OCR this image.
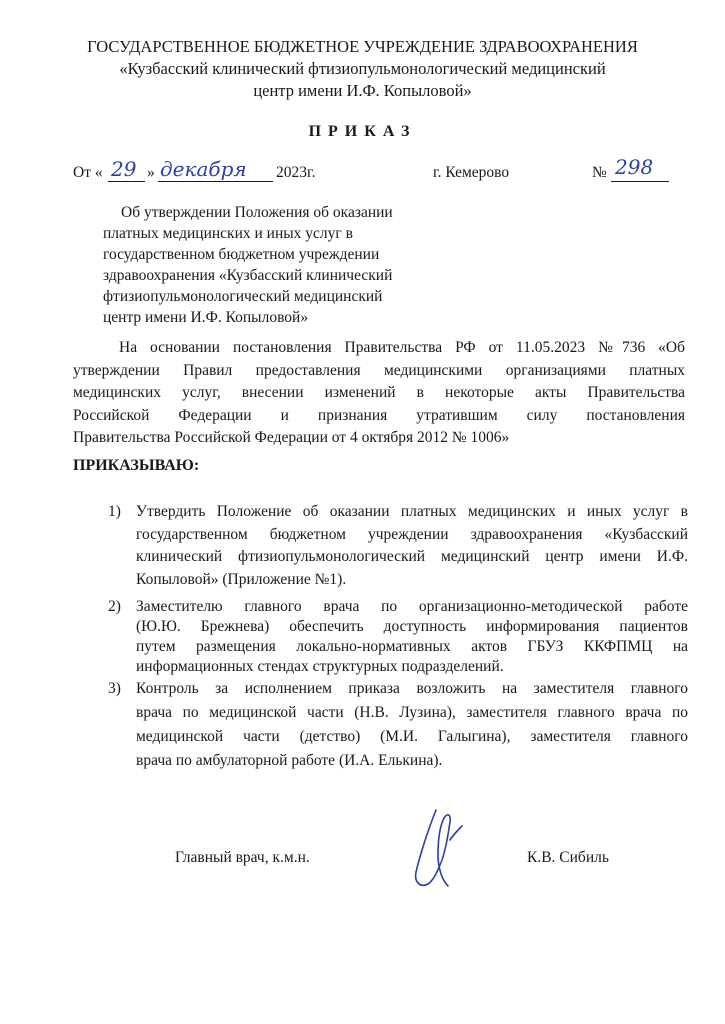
ГОСУДАРСТВЕННОЕ БЮДЖЕТНОЕ УЧРЕЖДЕНИЕ ЗДРАВООХРАНЕНИЯ
«Кузбасский клинический фтизиопульмонологический медицинский
центр имени И.Ф. Копыловой»
ПРИКАЗ
От « 29 » декабря 2023г.	г. Кемерово	№ 298
Об утверждении Положения об оказании
платных медицинских и иных услуг в
государственном бюджетном учреждении
здравоохранения «Кузбасский клинический
фтизиопульмонологический медицинский
центр имени И.Ф. Копыловой»
На основании постановления Правительства РФ от 11.05.2023 №736 «Об
утверждении Правил предоставления медицинскими организациями платных
медицинских услуг, внесении изменений в некоторые акты Правительства
Российской Федерации и признания утратившим силу постановления
Правительства Российской Федерации от 4 октября 2012 № 1006»
ПРИКАЗЫВАЮ:
1) Утвердить Положение об оказании платных медицинских и иных услуг в
государственном бюджетном учреждении здравоохранения «Кузбасский
клинический фтизиопульмонологический медицинский центр имени И.Ф.
Копыловой» (Приложение №1).
2) Заместителю главного врача по организационно-методической работе
(Ю.Ю. Брежнева) обеспечить доступность информирования пациентов
путем размещения локально-нормативных актов ГБУЗ ККФПМЦ на
информационных стендах структурных подразделений.
3) Контроль за исполнением приказа возложить на заместителя главного
врача по медицинской части (Н.В. Лузина), заместителя главного врача по
медицинской части (детство) (М.И. Галыгина), заместителя главного
врача по амбулаторной работе (И.А. Елькина).
Главный врач, к.м.н.	К.В. Сибиль
